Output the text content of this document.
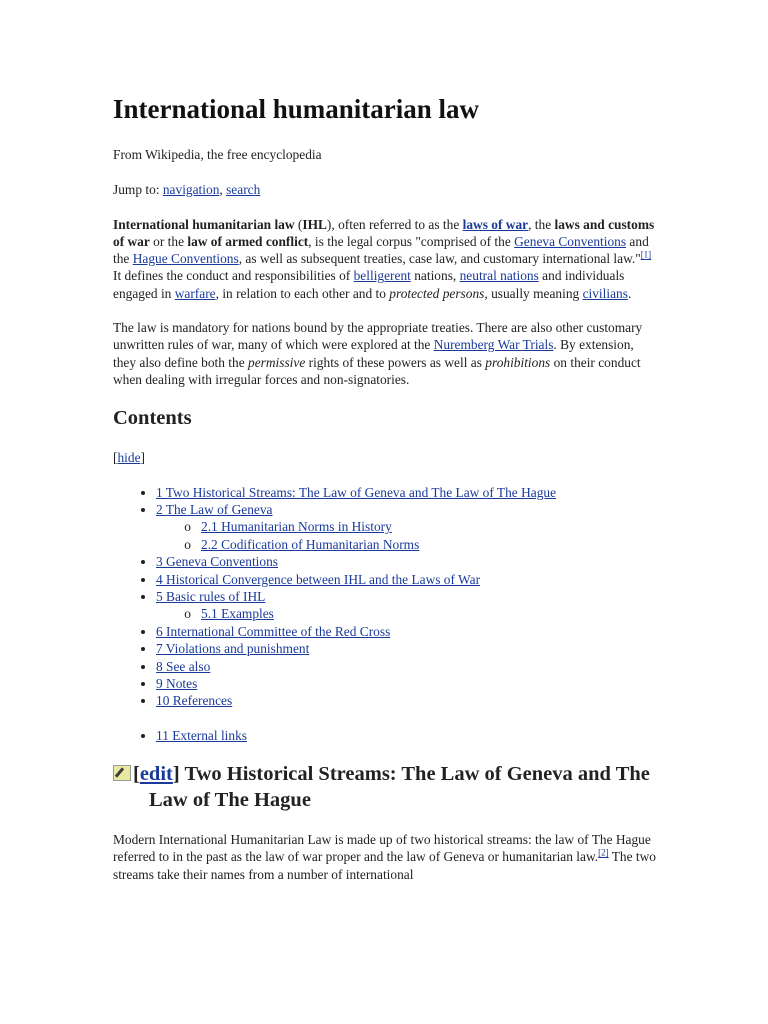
International humanitarian law
From Wikipedia, the free encyclopedia
Jump to: navigation, search

International humanitarian law (IHL), often referred to as the laws of war, the laws and customs of war or the law of armed conflict, is the legal corpus "comprised of the Geneva Conventions and the Hague Conventions, as well as subsequent treaties, case law, and customary international law."[1] It defines the conduct and responsibilities of belligerent nations, neutral nations and individuals engaged in warfare, in relation to each other and to protected persons, usually meaning civilians.

The law is mandatory for nations bound by the appropriate treaties. There are also other customary unwritten rules of war, many of which were explored at the Nuremberg War Trials. By extension, they also define both the permissive rights of these powers as well as prohibitions on their conduct when dealing with irregular forces and non-signatories.

Contents
[hide]
• 1 Two Historical Streams: The Law of Geneva and The Law of The Hague
• 2 The Law of Geneva
o 2.1 Humanitarian Norms in History
o 2.2 Codification of Humanitarian Norms
• 3 Geneva Conventions
• 4 Historical Convergence between IHL and the Laws of War
• 5 Basic rules of IHL
o 5.1 Examples
• 6 International Committee of the Red Cross
• 7 Violations and punishment
• 8 See also
• 9 Notes
• 10 References
• 11 External links
[edit] Two Historical Streams: The Law of Geneva and The Law of The Hague

Modern International Humanitarian Law is made up of two historical streams: the law of The Hague referred to in the past as the law of war proper and the law of Geneva or humanitarian law.[2] The two streams take their names from a number of international
